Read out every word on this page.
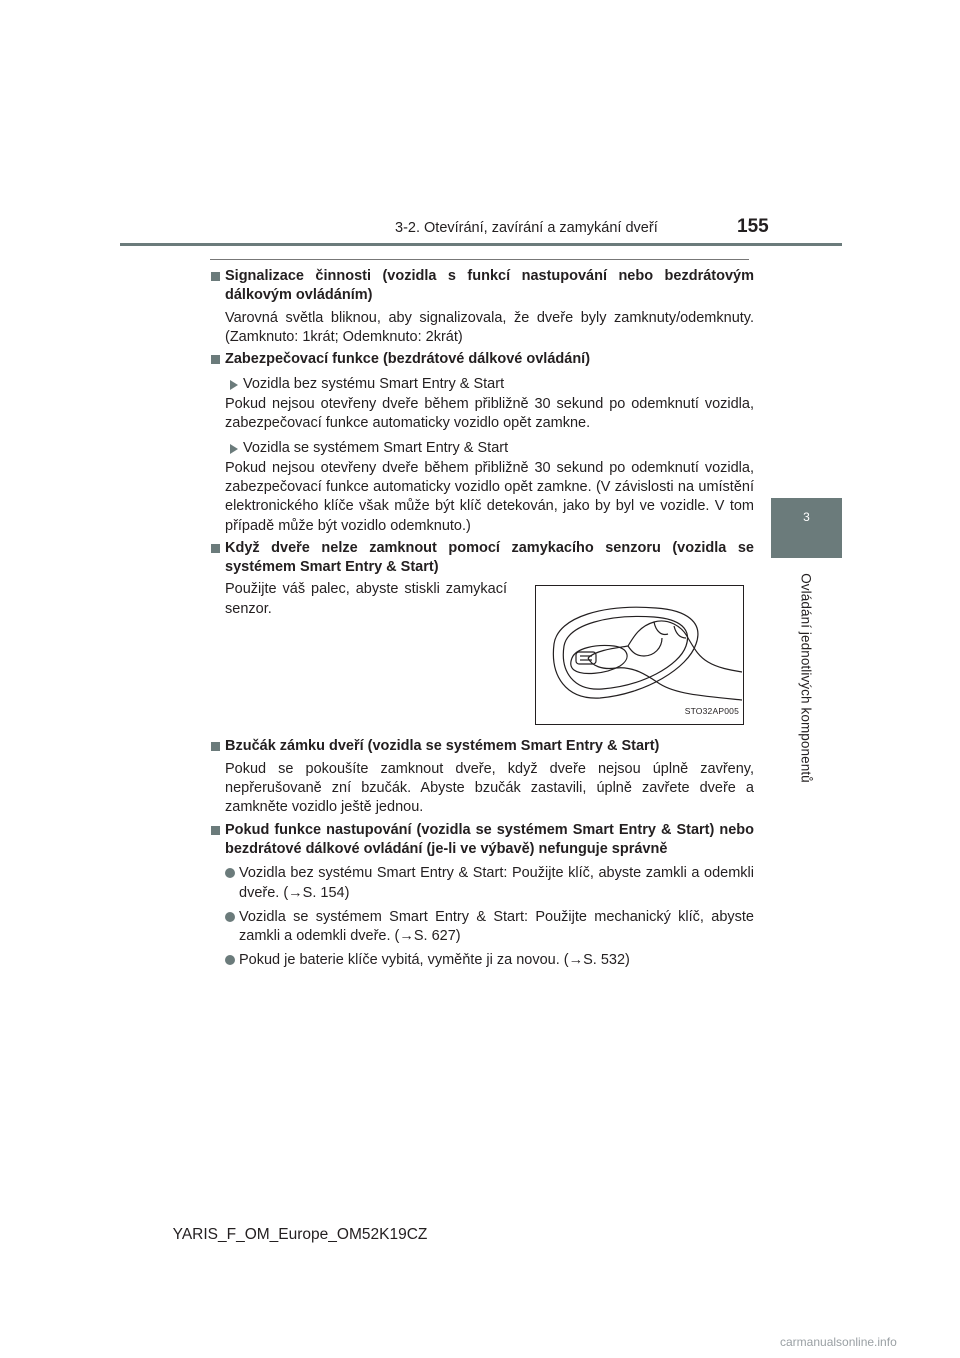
3-2. Otevírání, zavírání a zamykání dveří	155
3
Ovládání jednotlivých komponentů
Signalizace činnosti (vozidla s funkcí nastupování nebo bezdrátovým dálkovým ovládáním)
Varovná světla bliknou, aby signalizovala, že dveře byly zamknuty/odemknuty. (Zamknuto: 1krát; Odemknuto: 2krát)
Zabezpečovací funkce (bezdrátové dálkové ovládání)
Vozidla bez systému Smart Entry & Start
Pokud nejsou otevřeny dveře během přibližně 30 sekund po odemknutí vozidla, zabezpečovací funkce automaticky vozidlo opět zamkne.
Vozidla se systémem Smart Entry & Start
Pokud nejsou otevřeny dveře během přibližně 30 sekund po odemknutí vozidla, zabezpečovací funkce automaticky vozidlo opět zamkne. (V závislosti na umístění elektronického klíče však může být klíč detekován, jako by byl ve vozidle. V tom případě může být vozidlo odemknuto.)
Když dveře nelze zamknout pomocí zamykacího senzoru (vozidla se systémem Smart Entry & Start)
Použijte váš palec, abyste stiskli zamykací senzor.
STO32AP005
Bzučák zámku dveří (vozidla se systémem Smart Entry & Start)
Pokud se pokoušíte zamknout dveře, když dveře nejsou úplně zavřeny, nepřerušovaně zní bzučák. Abyste bzučák zastavili, úplně zavřete dveře a zamkněte vozidlo ještě jednou.
Pokud funkce nastupování (vozidla se systémem Smart Entry & Start) nebo bezdrátové dálkové ovládání (je-li ve výbavě) nefunguje správně
Vozidla bez systému Smart Entry & Start: Použijte klíč, abyste zamkli a odemkli dveře. (→S. 154)
Vozidla se systémem Smart Entry & Start: Použijte mechanický klíč, abyste zamkli a odemkli dveře. (→S. 627)
Pokud je baterie klíče vybitá, vyměňte ji za novou. (→S. 532)
YARIS_F_OM_Europe_OM52K19CZ
carmanualsonline.info
